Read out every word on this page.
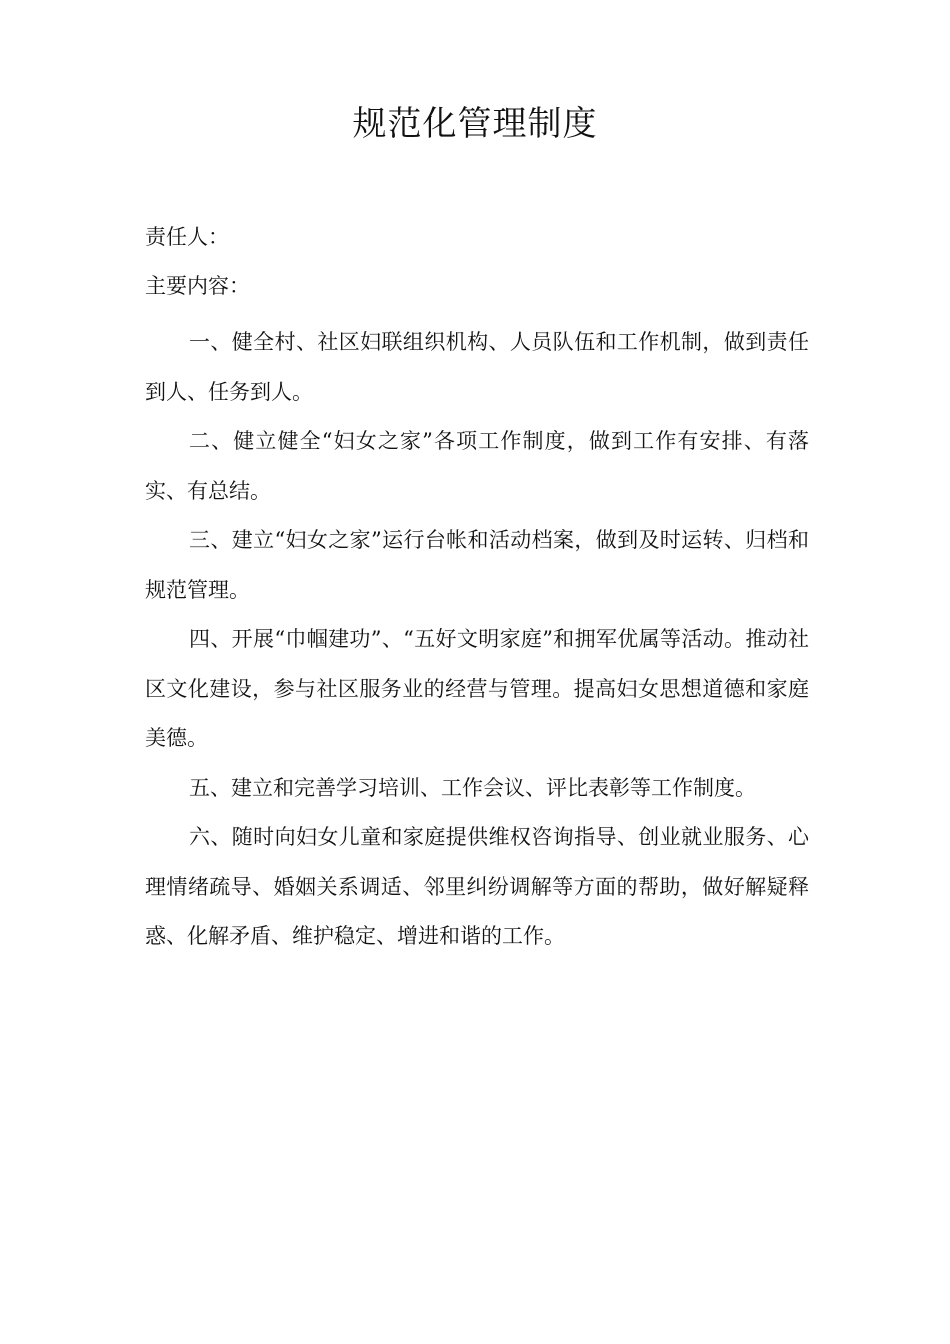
规范化管理制度

责任人：

主要内容：

一、健全村、社区妇联组织机构、人员队伍和工作机制，做到责任到人、任务到人。

二、健立健全“妇女之家”各项工作制度，做到工作有安排、有落实、有总结。

三、建立“妇女之家”运行台帐和活动档案，做到及时运转、归档和规范管理。

四、开展“巾帼建功”、“五好文明家庭”和拥军优属等活动。推动社区文化建设，参与社区服务业的经营与管理。提高妇女思想道德和家庭美德。

五、建立和完善学习培训、工作会议、评比表彰等工作制度。

六、随时向妇女儿童和家庭提供维权咨询指导、创业就业服务、心理情绪疏导、婚姻关系调适、邻里纠纷调解等方面的帮助，做好解疑释惑、化解矛盾、维护稳定、增进和谐的工作。
